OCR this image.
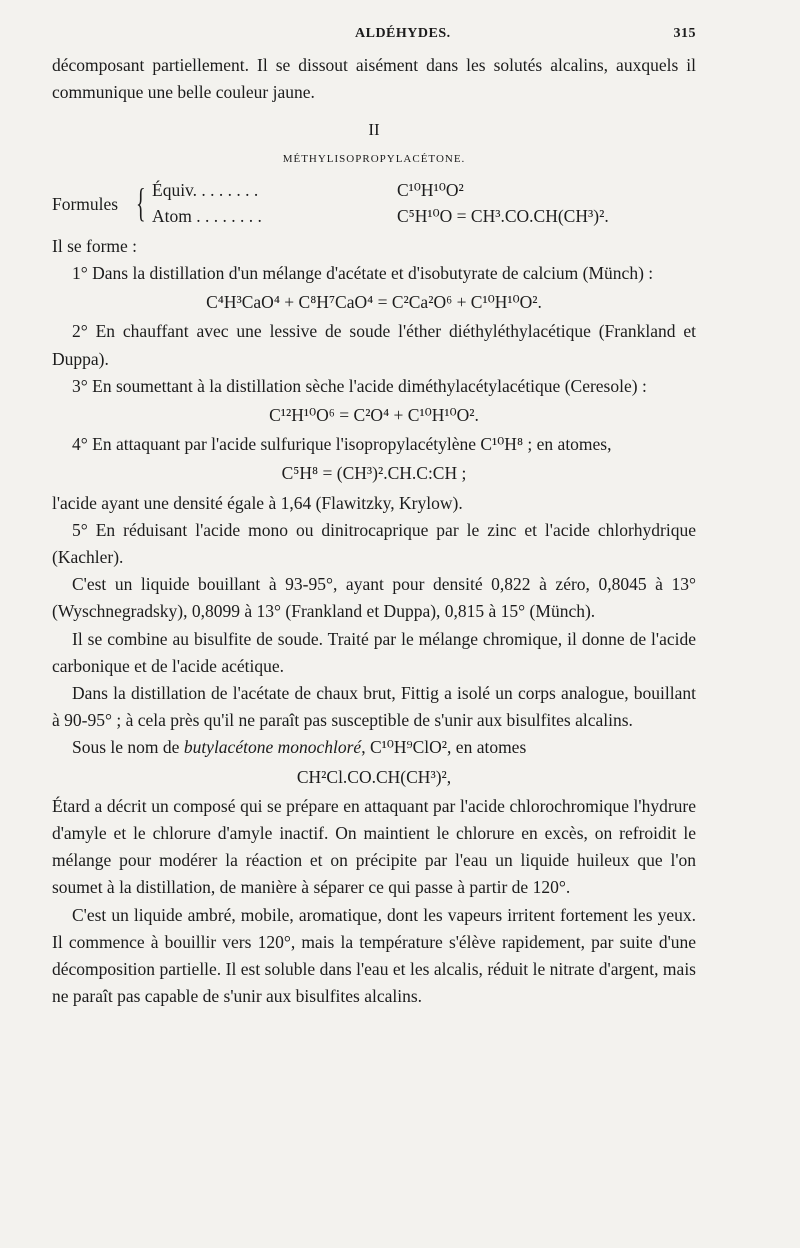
ALDÉHYDES.	315

décomposant partiellement. Il se dissout aisément dans les solutés alcalins, auxquels il communique une belle couleur jaune.

II

MÉTHYLISOPROPYLACÉTONE.

Formules { Équiv. . . . . . . .	C¹⁰H¹⁰O²
Atom . . . . . . . .	C⁵H¹⁰O = CH³.CO.CH(CH³)².

Il se forme :

1° Dans la distillation d'un mélange d'acétate et d'isobutyrate de calcium (Münch) :

C⁴H³CaO⁴ + C⁸H⁷CaO⁴ = C²Ca²O⁶ + C¹⁰H¹⁰O².

2° En chauffant avec une lessive de soude l'éther diéthyléthylacétique (Frankland et Duppa).

3° En soumettant à la distillation sèche l'acide diméthylacétylacétique (Ceresole) :

C¹²H¹⁰O⁶ = C²O⁴ + C¹⁰H¹⁰O².

4° En attaquant par l'acide sulfurique l'isopropylacétylène C¹⁰H⁸ ; en atomes,

C⁵H⁸ = (CH³)².CH.C:CH ;

l'acide ayant une densité égale à 1,64 (Flawitzky, Krylow).

5° En réduisant l'acide mono ou dinitrocaprique par le zinc et l'acide chlorhydrique (Kachler).

C'est un liquide bouillant à 93-95°, ayant pour densité 0,822 à zéro, 0,8045 à 13° (Wyschnegradsky), 0,8099 à 13° (Frankland et Duppa), 0,815 à 15° (Münch).

Il se combine au bisulfite de soude. Traité par le mélange chromique, il donne de l'acide carbonique et de l'acide acétique.

Dans la distillation de l'acétate de chaux brut, Fittig a isolé un corps analogue, bouillant à 90-95° ; à cela près qu'il ne paraît pas susceptible de s'unir aux bisulfites alcalins.

Sous le nom de butylacétone monochloré, C¹⁰H⁹ClO², en atomes

CH²Cl.CO.CH(CH³)²,

Étard a décrit un composé qui se prépare en attaquant par l'acide chlorochromique l'hydrure d'amyle et le chlorure d'amyle inactif. On maintient le chlorure en excès, on refroidit le mélange pour modérer la réaction et on précipite par l'eau un liquide huileux que l'on soumet à la distillation, de manière à séparer ce qui passe à partir de 120°.

C'est un liquide ambré, mobile, aromatique, dont les vapeurs irritent fortement les yeux. Il commence à bouillir vers 120°, mais la température s'élève rapidement, par suite d'une décomposition partielle. Il est soluble dans l'eau et les alcalis, réduit le nitrate d'argent, mais ne paraît pas capable de s'unir aux bisulfites alcalins.
